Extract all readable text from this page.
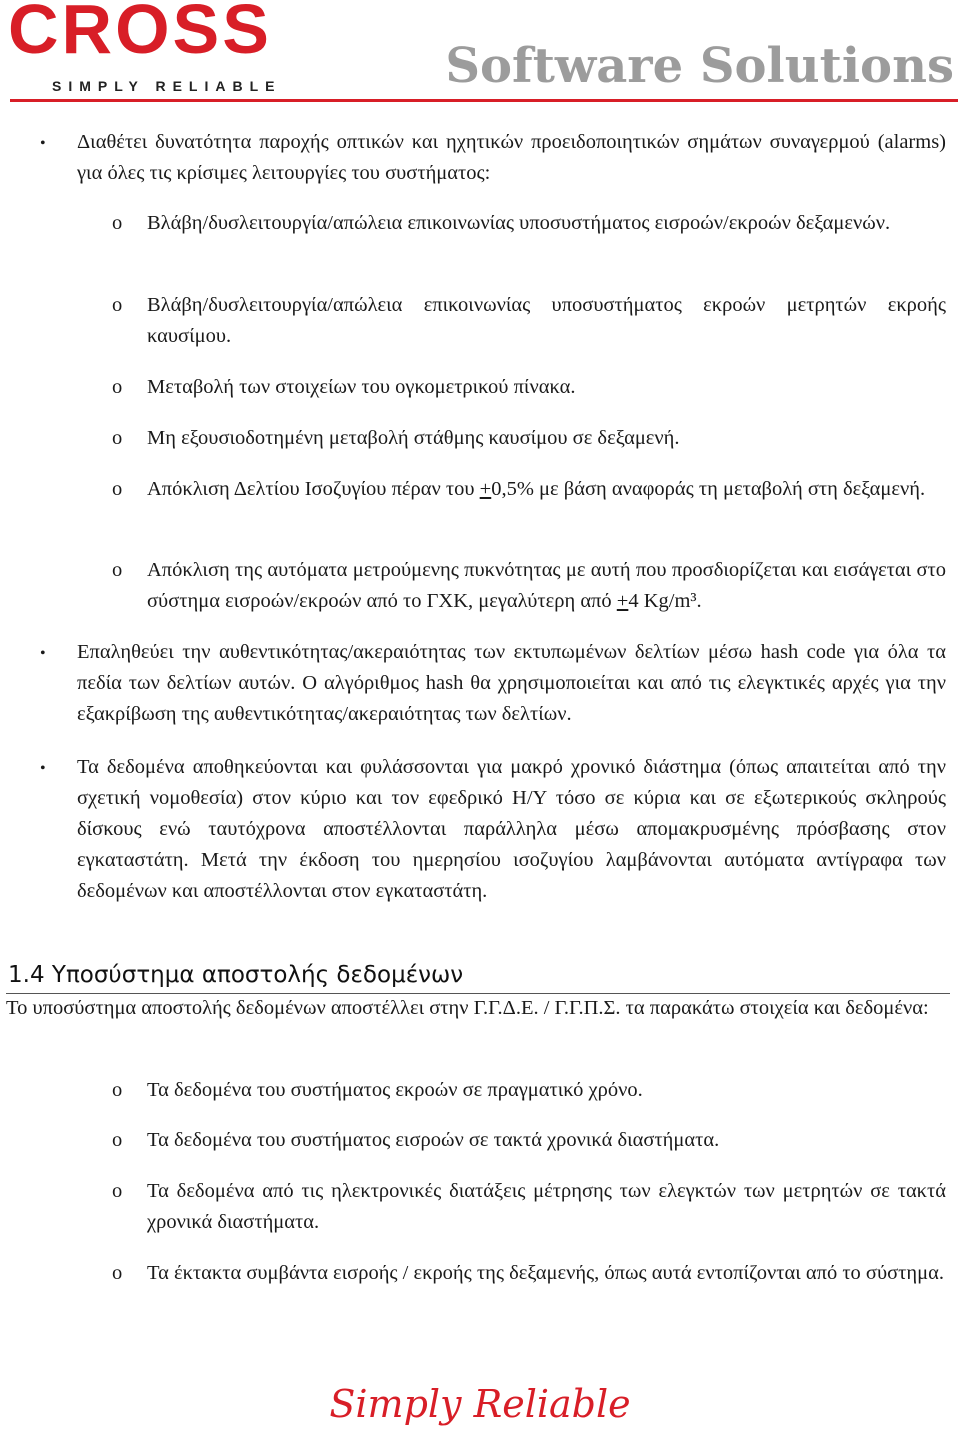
CROSS
SIMPLY RELIABLE	Software Solutions
• Διαθέτει δυνατότητα παροχής οπτικών και ηχητικών προειδοποιητικών σημάτων συναγερμού (alarms) για όλες τις κρίσιμες λειτουργίες του συστήματος:
o Βλάβη/δυσλειτουργία/απώλεια επικοινωνίας υποσυστήματος εισροών/εκροών δεξαμενών.
o Βλάβη/δυσλειτουργία/απώλεια επικοινωνίας υποσυστήματος εκροών μετρητών εκροής καυσίμου.
o Μεταβολή των στοιχείων του ογκομετρικού πίνακα.
o Μη εξουσιοδοτημένη μεταβολή στάθμης καυσίμου σε δεξαμενή.
o Απόκλιση Δελτίου Ισοζυγίου πέραν του +0,5% με βάση αναφοράς τη μεταβολή στη δεξαμενή.
o Απόκλιση της αυτόματα μετρούμενης πυκνότητας με αυτή που προσδιορίζεται και εισάγεται στο σύστημα εισροών/εκροών από το ΓΧΚ, μεγαλύτερη από +4 Kg/m³.
• Επαληθεύει την αυθεντικότητας/ακεραιότητας των εκτυπωμένων δελτίων μέσω hash code για όλα τα πεδία των δελτίων αυτών. Ο αλγόριθμος hash θα χρησιμοποιείται και από τις ελεγκτικές αρχές για την εξακρίβωση της αυθεντικότητας/ακεραιότητας των δελτίων.
• Τα δεδομένα αποθηκεύονται και φυλάσσονται για μακρό χρονικό διάστημα (όπως απαιτείται από την σχετική νομοθεσία) στον κύριο και τον εφεδρικό Η/Υ τόσο σε κύρια και σε εξωτερικούς σκληρούς δίσκους ενώ ταυτόχρονα αποστέλλονται παράλληλα μέσω απομακρυσμένης πρόσβασης στον εγκαταστάτη. Μετά την έκδοση του ημερησίου ισοζυγίου λαμβάνονται αυτόματα αντίγραφα των δεδομένων και αποστέλλονται στον εγκαταστάτη.
1.4 Υποσύστημα αποστολής δεδομένων
Το υποσύστημα αποστολής δεδομένων αποστέλλει στην Γ.Γ.Δ.Ε. / Γ.Γ.Π.Σ. τα παρακάτω στοιχεία και δεδομένα:
o Τα δεδομένα του συστήματος εκροών σε πραγματικό χρόνο.
o Τα δεδομένα του συστήματος εισροών σε τακτά χρονικά διαστήματα.
o Τα δεδομένα από τις ηλεκτρονικές διατάξεις μέτρησης των ελεγκτών των μετρητών σε τακτά χρονικά διαστήματα.
o Τα έκτακτα συμβάντα εισροής / εκροής της δεξαμενής, όπως αυτά εντοπίζονται από το σύστημα.
Simply Reliable
